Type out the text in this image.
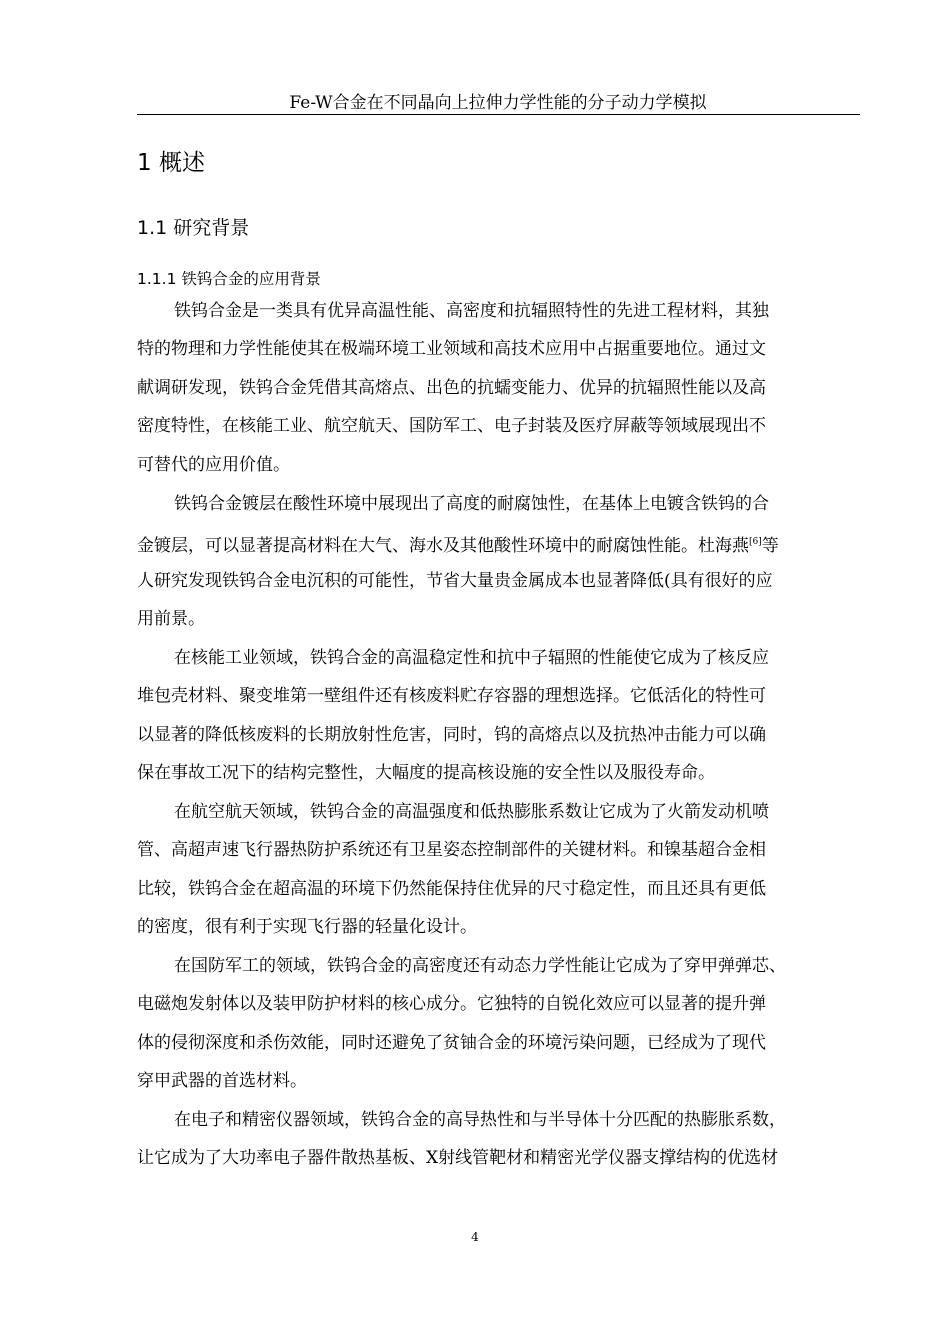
Fe-W合金在不同晶向上拉伸力学性能的分子动力学模拟
1 概述
1.1 研究背景
1.1.1 铁钨合金的应用背景
铁钨合金是一类具有优异高温性能、高密度和抗辐照特性的先进工程材料，其独
特的物理和力学性能使其在极端环境工业领域和高技术应用中占据重要地位。通过文
献调研发现，铁钨合金凭借其高熔点、出色的抗蠕变能力、优异的抗辐照性能以及高
密度特性，在核能工业、航空航天、国防军工、电子封装及医疗屏蔽等领域展现出不
可替代的应用价值。
铁钨合金镀层在酸性环境中展现出了高度的耐腐蚀性，在基体上电镀含铁钨的合
金镀层，可以显著提高材料在大气、海水及其他酸性环境中的耐腐蚀性能。杜海燕[6]等
人研究发现铁钨合金电沉积的可能性，节省大量贵金属成本也显著降低(具有很好的应
用前景。
在核能工业领域，铁钨合金的高温稳定性和抗中子辐照的性能使它成为了核反应
堆包壳材料、聚变堆第一壁组件还有核废料贮存容器的理想选择。它低活化的特性可
以显著的降低核废料的长期放射性危害，同时，钨的高熔点以及抗热冲击能力可以确
保在事故工况下的结构完整性，大幅度的提高核设施的安全性以及服役寿命。
在航空航天领域，铁钨合金的高温强度和低热膨胀系数让它成为了火箭发动机喷
管、高超声速飞行器热防护系统还有卫星姿态控制部件的关键材料。和镍基超合金相
比较，铁钨合金在超高温的环境下仍然能保持住优异的尺寸稳定性，而且还具有更低
的密度，很有利于实现飞行器的轻量化设计。
在国防军工的领域，铁钨合金的高密度还有动态力学性能让它成为了穿甲弹弹芯、
电磁炮发射体以及装甲防护材料的核心成分。它独特的自锐化效应可以显著的提升弹
体的侵彻深度和杀伤效能，同时还避免了贫铀合金的环境污染问题，已经成为了现代
穿甲武器的首选材料。
在电子和精密仪器领域，铁钨合金的高导热性和与半导体十分匹配的热膨胀系数，
让它成为了大功率电子器件散热基板、X射线管靶材和精密光学仪器支撑结构的优选材
4
